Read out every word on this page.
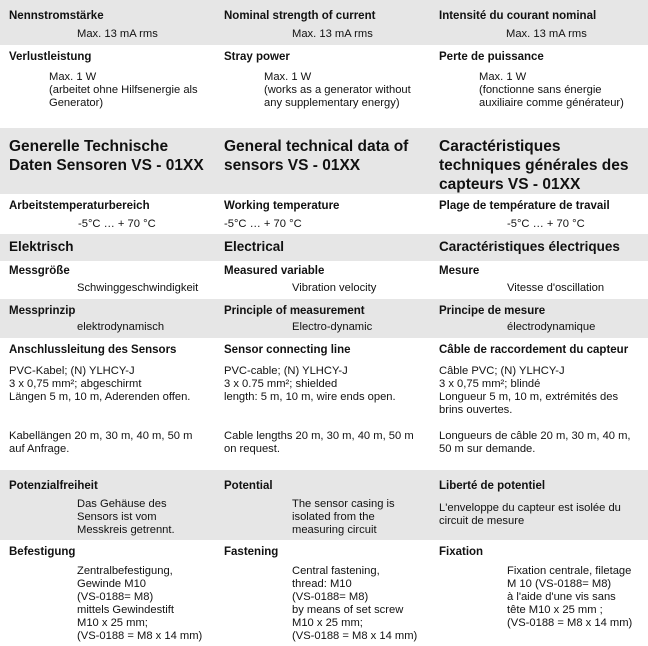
Nennstromstärke
Max. 13 mA rms
Nominal strength of current
Max. 13 mA rms
Intensité du courant nominal
Max. 13 mA rms
Verlustleistung
Max. 1 W
(arbeitet ohne Hilfsenergie als
Generator)
Stray power
Max. 1 W
(works as a generator without
any supplementary energy)
Perte de puissance
Max. 1 W
(fonctionne sans énergie
auxiliaire comme générateur)
Generelle Technische
Daten Sensoren VS - 01XX
General technical data of
sensors VS - 01XX
Caractéristiques
techniques générales des
capteurs VS - 01XX
Arbeitstemperaturbereich
-5°C … + 70 °C
Working temperature
-5°C … + 70 °C
Plage de température de travail
-5°C … + 70 °C
Elektrisch	Electrical	Caractéristiques électriques
Messgröße
Schwinggeschwindigkeit
Measured variable
Vibration velocity
Mesure
Vitesse d'oscillation
Messprinzip
elektrodynamisch
Principle of measurement
Electro-dynamic
Principe de mesure
électrodynamique
Anschlussleitung des Sensors
PVC-Kabel; (N) YLHCY-J
3 x 0,75 mm²; abgeschirmt
Längen 5 m, 10 m, Aderenden offen.
Kabellängen 20 m, 30 m, 40 m, 50 m
auf Anfrage.
Sensor connecting line
PVC-cable; (N) YLHCY-J
3 x 0.75 mm²; shielded
length: 5 m, 10 m, wire ends open.
Cable lengths 20 m, 30 m, 40 m, 50 m
on request.
Câble de raccordement du capteur
Câble PVC; (N) YLHCY-J
3 x 0,75 mm²; blindé
Longueur 5 m, 10 m, extrémités des
brins ouvertes.
Longueurs de câble 20 m, 30 m, 40 m,
50 m sur demande.
Potenzialfreiheit
Das Gehäuse des
Sensors ist vom
Messkreis getrennt.
Potential
The sensor casing is
isolated from the
measuring circuit
Liberté de potentiel
L'enveloppe du capteur est isolée du
circuit de mesure
Befestigung
Zentralbefestigung,
Gewinde M10
(VS-0188= M8)
mittels Gewindestift
M10 x 25 mm;
(VS-0188 = M8 x 14 mm)
Fastening
Central fastening,
thread: M10
(VS-0188= M8)
by means of set screw
M10 x 25 mm;
(VS-0188 = M8 x 14 mm)
Fixation
Fixation centrale, filetage
M 10 (VS-0188= M8)
à l'aide d'une vis sans
tête M10 x 25 mm ;
(VS-0188 = M8 x 14 mm)
